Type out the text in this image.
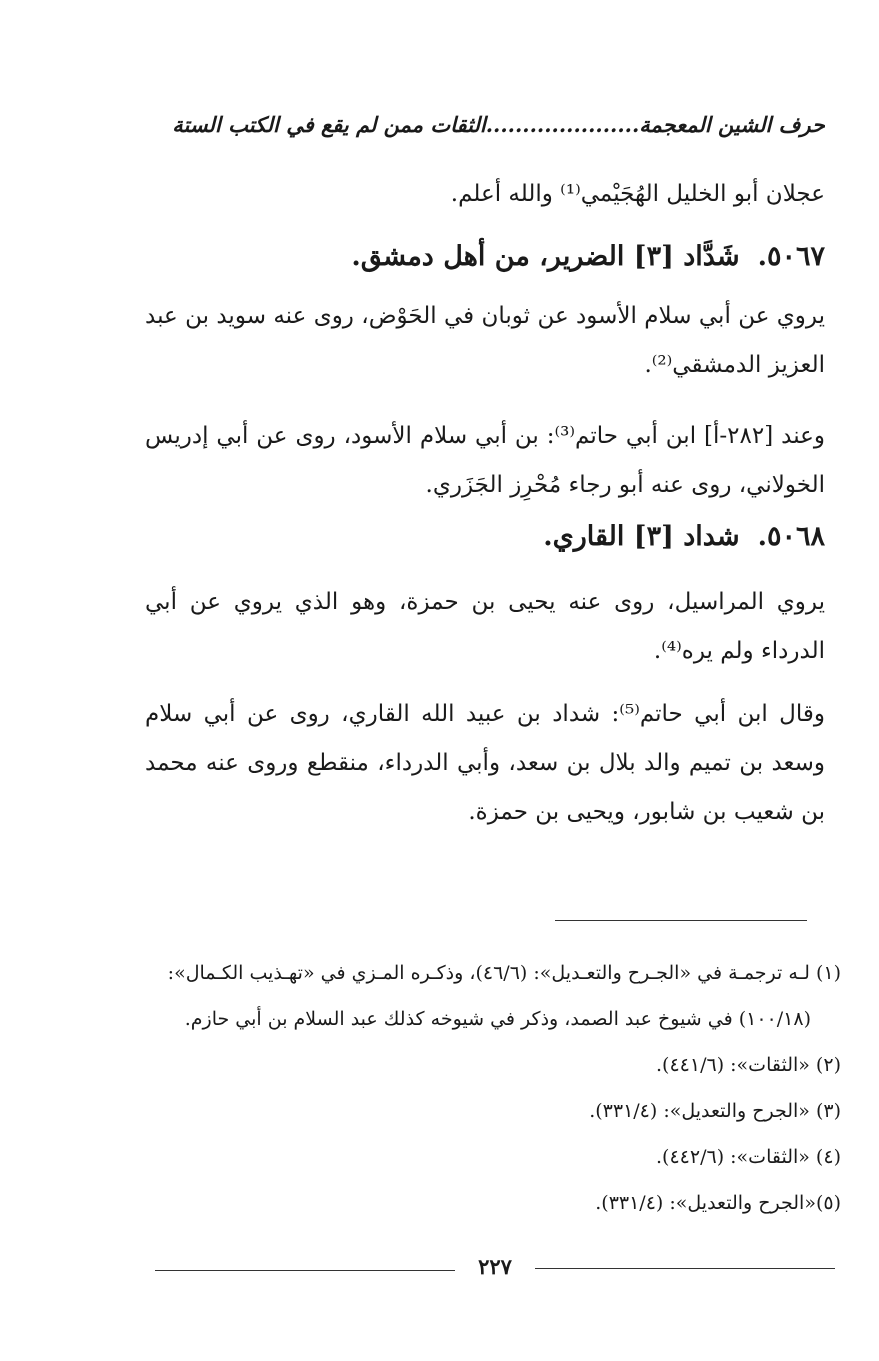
حرف الشين المعجمة.....................الثقات ممن لم يقع في الكتب الستة
عجلان أبو الخليل الهُجَيْمي⁽¹⁾ والله أعلم.
٥٠٦٧.شَدَّاد [٣] الضرير، من أهل دمشق.

يروي عن أبي سلام الأسود عن ثوبان في الحَوْض، روى عنه سويد بن عبد العزيز الدمشقي⁽²⁾.

وعند [٢٨٢-أ] ابن أبي حاتم⁽³⁾: بن أبي سلام الأسود، روى عن أبي إدريس الخولاني، روى عنه أبو رجاء مُحْرِز الجَزَري.

٥٠٦٨.شداد [٣] القاري.

يروي المراسيل، روى عنه يحيى بن حمزة، وهو الذي يروي عن أبي الدرداء ولم يره⁽⁴⁾.

وقال ابن أبي حاتم⁽⁵⁾: شداد بن عبيد الله القاري، روى عن أبي سلام وسعد بن تميم والد بلال بن سعد، وأبي الدرداء، منقطع وروى عنه محمد بن شعيب بن شابور، ويحيى بن حمزة.

(١) لـه ترجمـة في «الجـرح والتعـديل»: (٤٦/٦)، وذكـره المـزي في «تهـذيب الكـمال»:
(١٠٠/١٨) في شيوخ عبد الصمد، وذكر في شيوخه كذلك عبد السلام بن أبي حازم.
(٢) «الثقات»: (٤٤١/٦).
(٣) «الجرح والتعديل»: (٣٣١/٤).
(٤) «الثقات»: (٤٤٢/٦).
(٥)«الجرح والتعديل»: (٣٣١/٤).
٢٢٧
